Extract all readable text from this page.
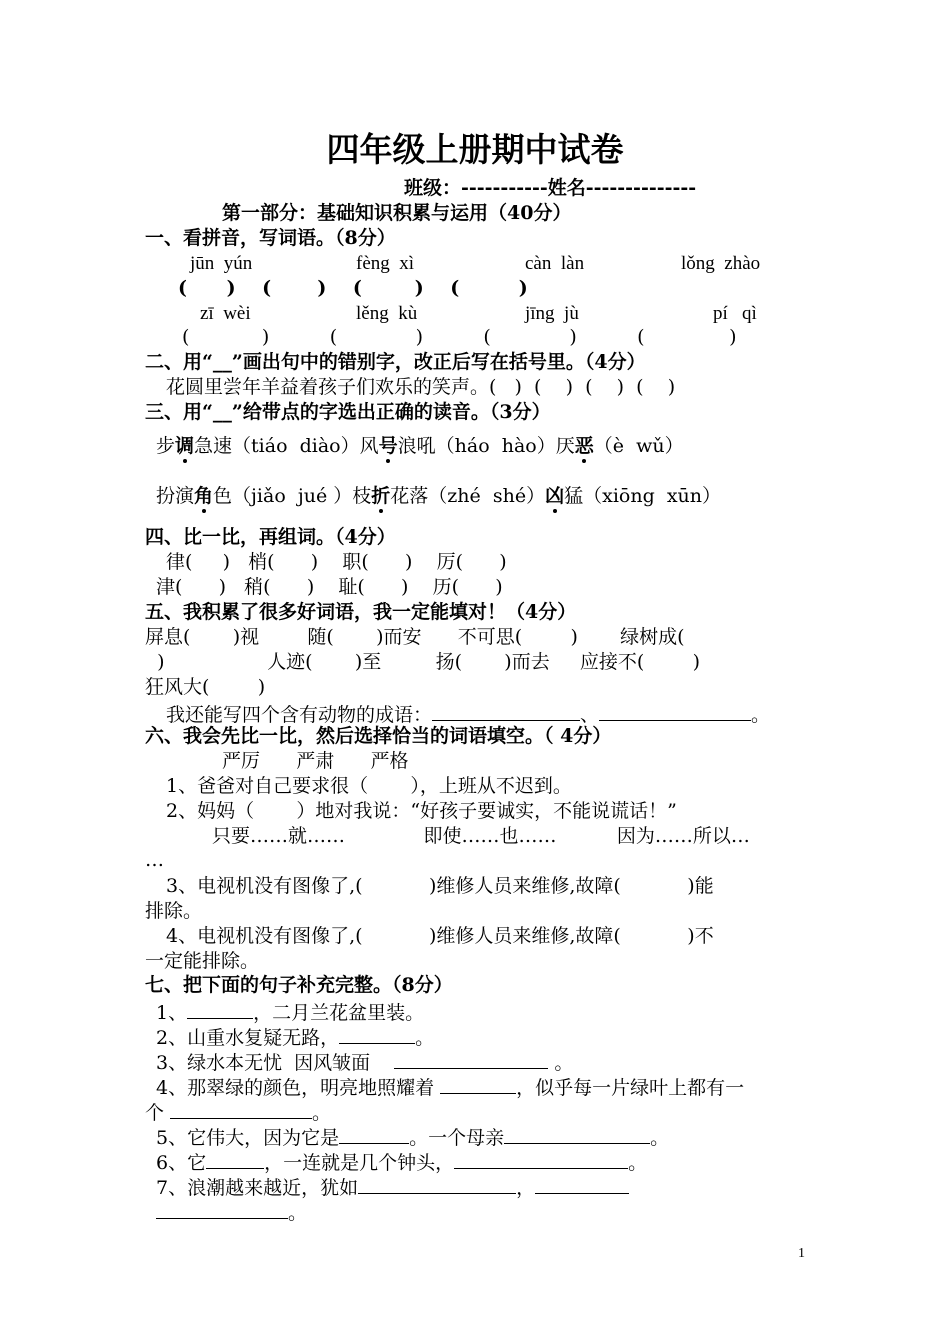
四年级上册期中试卷
班级：-----------姓名--------------
第一部分：基础知识积累与运用（40分）
一、看拼音，写词语。（8分）
jūn  yún	fèng  xì	càn  làn	lǒng  zhào
(      )    (       )    (        )    (         )
zī  wèi	lěng  kù	jīng  jù	pí   qì
(            )          (             )          (             )          (              )
二、用“__”画出句中的错别字，改正后写在括号里。（4分）
花圆里尝年羊益着孩子们欢乐的笑声。(   )  (    )  (    )  (    )
三、用“__”给带点的字选出正确的读音。（3分）
步调急速（tiáo  diào）风号浪吼（háo  hào）厌恶（è  wǔ）
扮演角色（jiǎo  jué ）枝折花落（zhé  shé）凶猛（xiōng  xūn）
四、比一比，再组词。（4分）
律(     )   梢(      )    职(      )    厉(      )
津(      )   稍(      )    耻(      )    历(      )
五、我积累了很多好词语，我一定能填对！（4分）
屏息(       )视        随(       )而安      不可思(        )       绿树成(
)                 人迹(       )至         扬(       )而去     应接不(        )
狂风大(        )
我还能写四个含有动物的成语：	、	。
六、我会先比一比，然后选择恰当的词语填空。（ 4分）
严厉      严肃      严格
1、爸爸对自己要求很（       ），上班从不迟到。
2、妈妈（       ）地对我说：“好孩子要诚实，不能说谎话！”
只要……就……             即使……也……          因为……所以…
…
3、电视机没有图像了,(           )维修人员来维修,故障(           )能
排除。
4、电视机没有图像了,(           )维修人员来维修,故障(           )不
一定能排除。
七、把下面的句子补充完整。（8分）
1、	，二月兰花盆里装。
2、山重水复疑无路，	。
3、绿水本无忧  因风皱面	。
4、那翠绿的颜色，明亮地照耀着	，似乎每一片绿叶上都有一
个	。
5、它伟大，因为它是	。一个母亲	。
6、它	，一连就是几个钟头，	。
7、浪潮越来越近，犹如	，
。
1
